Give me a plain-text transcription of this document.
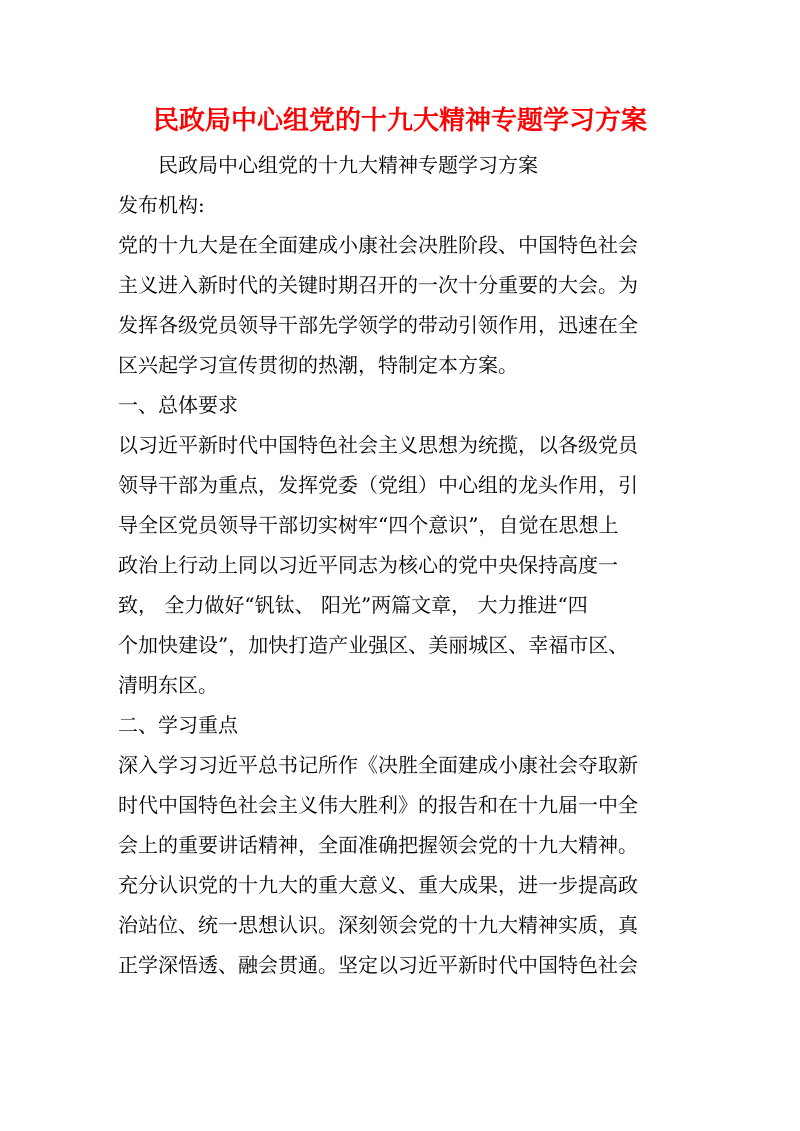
民政局中心组党的十九大精神专题学习方案
民政局中心组党的十九大精神专题学习方案
发布机构:
党的十九大是在全面建成小康社会决胜阶段、中国特色社会
主义进入新时代的关键时期召开的一次十分重要的大会。为
发挥各级党员领导干部先学领学的带动引领作用，迅速在全
区兴起学习宣传贯彻的热潮，特制定本方案。
一、总体要求
以习近平新时代中国特色社会主义思想为统揽，以各级党员
领导干部为重点，发挥党委（党组）中心组的龙头作用，引
导全区党员领导干部切实树牢“四个意识”，自觉在思想上
政治上行动上同以习近平同志为核心的党中央保持高度一
致， 全力做好“钒钛、 阳光”两篇文章， 大力推进“四
个加快建设”，加快打造产业强区、美丽城区、幸福市区、
清明东区。
二、学习重点
深入学习习近平总书记所作《决胜全面建成小康社会夺取新
时代中国特色社会主义伟大胜利》的报告和在十九届一中全
会上的重要讲话精神，全面准确把握领会党的十九大精神。
充分认识党的十九大的重大意义、重大成果，进一步提高政
治站位、统一思想认识。深刻领会党的十九大精神实质，真
正学深悟透、融会贯通。坚定以习近平新时代中国特色社会
